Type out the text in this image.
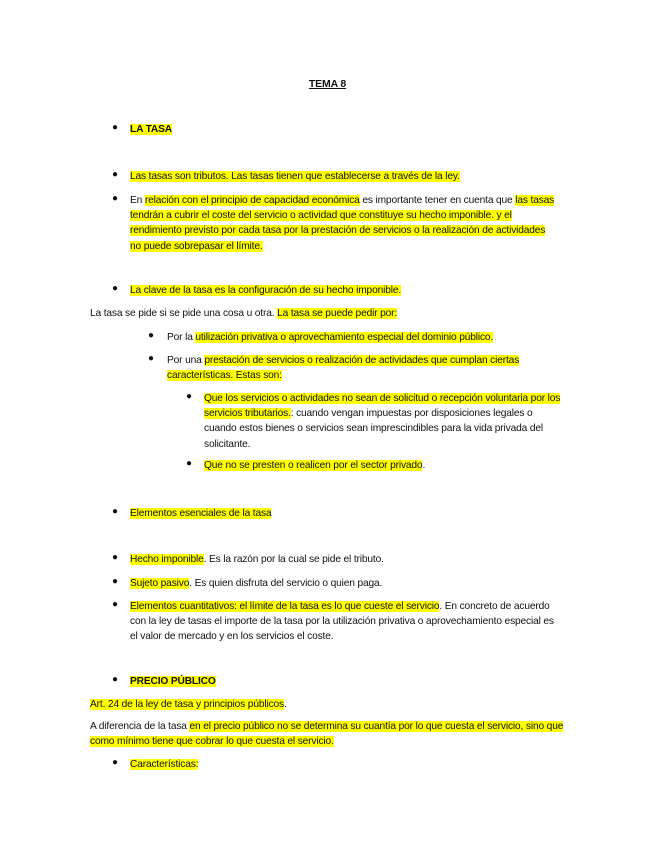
TEMA 8
● LA TASA
● Las tasas son tributos. Las tasas tienen que establecerse a través de la ley.
● En relación con el principio de capacidad económica es importante tener en cuenta que las tasas tendrán a cubrir el coste del servicio o actividad que constituye su hecho imponible. y el rendimiento previsto por cada tasa por la prestación de servicios o la realización de actividades no puede sobrepasar el límite.
● La clave de la tasa es la configuración de su hecho imponible.
La tasa se pide si se pide una cosa u otra. La tasa se puede pedir por:
● Por la utilización privativa o aprovechamiento especial del dominio público.
● Por una prestación de servicios o realización de actividades que cumplan ciertas características. Estas son:
● Que los servicios o actividades no sean de solicitud o recepción voluntaria por los servicios tributarios.: cuando vengan impuestas por disposiciones legales o cuando estos bienes o servicios sean imprescindibles para la vida privada del solicitante.
● Que no se presten o realicen por el sector privado.
● Elementos esenciales de la tasa
● Hecho imponible. Es la razón por la cual se pide el tributo.
● Sujeto pasivo. Es quien disfruta del servicio o quien paga.
● Elementos cuantitativos: el límite de la tasa es lo que cueste el servicio. En concreto de acuerdo con la ley de tasas el importe de la tasa por la utilización privativa o aprovechamiento especial es el valor de mercado y en los servicios el coste.
● PRECIO PÚBLICO
Art. 24 de la ley de tasa y principios públicos.
A diferencia de la tasa en el precio público no se determina su cuantía por lo que cuesta el servicio, sino que como mínimo tiene que cobrar lo que cuesta el servicio.
● Características:
